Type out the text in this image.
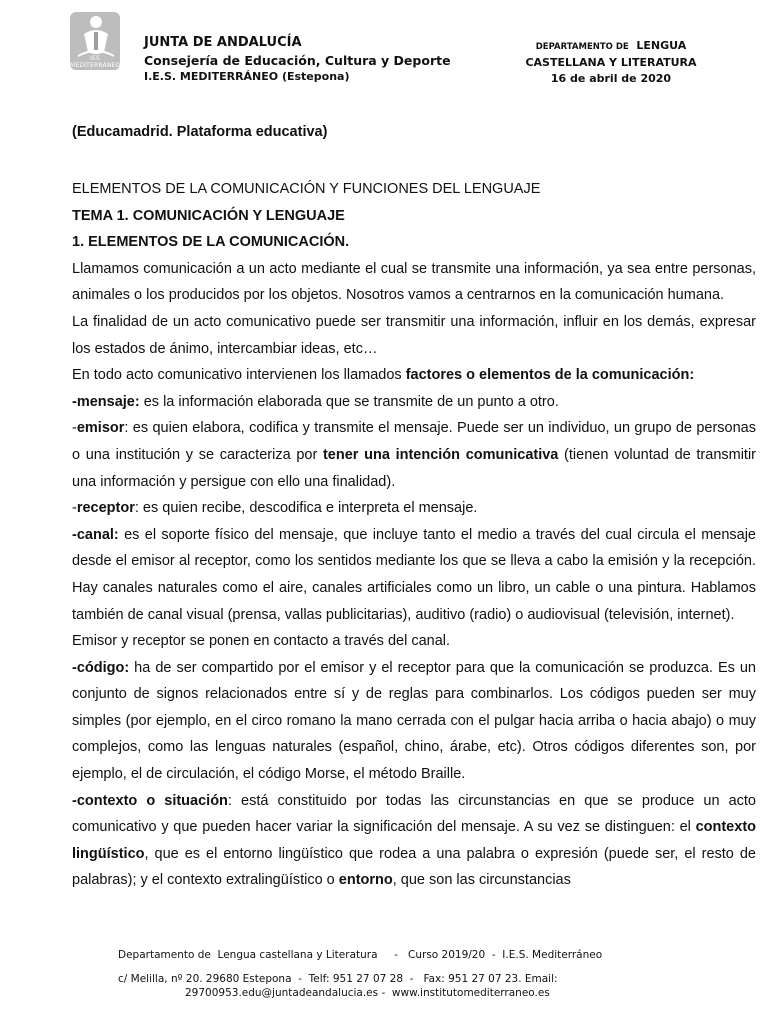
IES MEDITERRÁNEO
JUNTA DE ANDALUCÍA
Consejería de Educación, Cultura y Deporte
I.E.S. MEDITERRÁNEO (Estepona)
DEPARTAMENTO DE LENGUA
CASTELLANA Y LITERATURA
16 de abril de 2020
(Educamadrid. Plataforma educativa)

ELEMENTOS DE LA COMUNICACIÓN Y FUNCIONES DEL LENGUAJE

TEMA 1. COMUNICACIÓN Y LENGUAJE

1. ELEMENTOS DE LA COMUNICACIÓN.

Llamamos comunicación a un acto mediante el cual se transmite una información, ya sea entre personas, animales o los producidos por los objetos. Nosotros vamos a centrarnos en la comunicación humana.

La finalidad de un acto comunicativo puede ser transmitir una información, influir en los demás, expresar los estados de ánimo, intercambiar ideas, etc…

En todo acto comunicativo intervienen los llamados factores o elementos de la comunicación:

-mensaje: es la información elaborada que se transmite de un punto a otro.

-emisor: es quien elabora, codifica y transmite el mensaje. Puede ser un individuo, un grupo de personas o una institución y se caracteriza por tener una intención comunicativa (tienen voluntad de transmitir una información y persigue con ello una finalidad).

-receptor: es quien recibe, descodifica e interpreta el mensaje.

-canal: es el soporte físico del mensaje, que incluye tanto el medio a través del cual circula el mensaje desde el emisor al receptor, como los sentidos mediante los que se lleva a cabo la emisión y la recepción. Hay canales naturales como el aire, canales artificiales como un libro, un cable o una pintura. Hablamos también de canal visual (prensa, vallas publicitarias), auditivo (radio) o audiovisual (televisión, internet).

Emisor y receptor se ponen en contacto a través del canal.

-código: ha de ser compartido por el emisor y el receptor para que la comunicación se produzca. Es un conjunto de signos relacionados entre sí y de reglas para combinarlos. Los códigos pueden ser muy simples (por ejemplo, en el circo romano la mano cerrada con el pulgar hacia arriba o hacia abajo) o muy complejos, como las lenguas naturales (español, chino, árabe, etc). Otros códigos diferentes son, por ejemplo, el de circulación, el código Morse, el método Braille.

-contexto o situación: está constituido por todas las circunstancias en que se produce un acto comunicativo y que pueden hacer variar la significación del mensaje. A su vez se distinguen: el contexto lingüístico, que es el entorno lingüístico que rodea a una palabra o expresión (puede ser, el resto de palabras); y el contexto extralingüístico o entorno, que son las circunstancias

Departamento de  Lengua castellana y Literatura     -   Curso 2019/20  -  I.E.S. Mediterráneo
c/ Melilla, nº 20. 29680 Estepona  -  Telf: 951 27 07 28  -   Fax: 951 27 07 23. Email:
29700953.edu@juntadeandalucia.es -  www.institutomediterraneo.es
